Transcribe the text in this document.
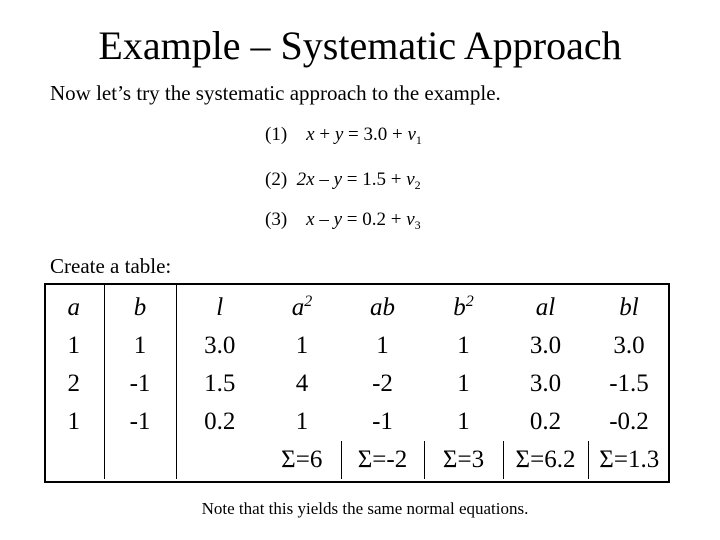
Example – Systematic Approach
Now let’s try the systematic approach to the example.
(1) $x + y = 3.0 + v_1$
(2) $2x - y = 1.5 + v_2$
(3) $x - y = 0.2 + v_3$
Create a table:
a	b	l	$a^2$	ab	$b^2$	al	bl
1	1	3.0	1	1	1	3.0	3.0
2	-1	1.5	4	-2	1	3.0	-1.5
1	-1	0.2	1	-1	1	0.2	-0.2
			Σ=6	Σ=-2	Σ=3	Σ=6.2	Σ=1.3
Note that this yields the same normal equations.
